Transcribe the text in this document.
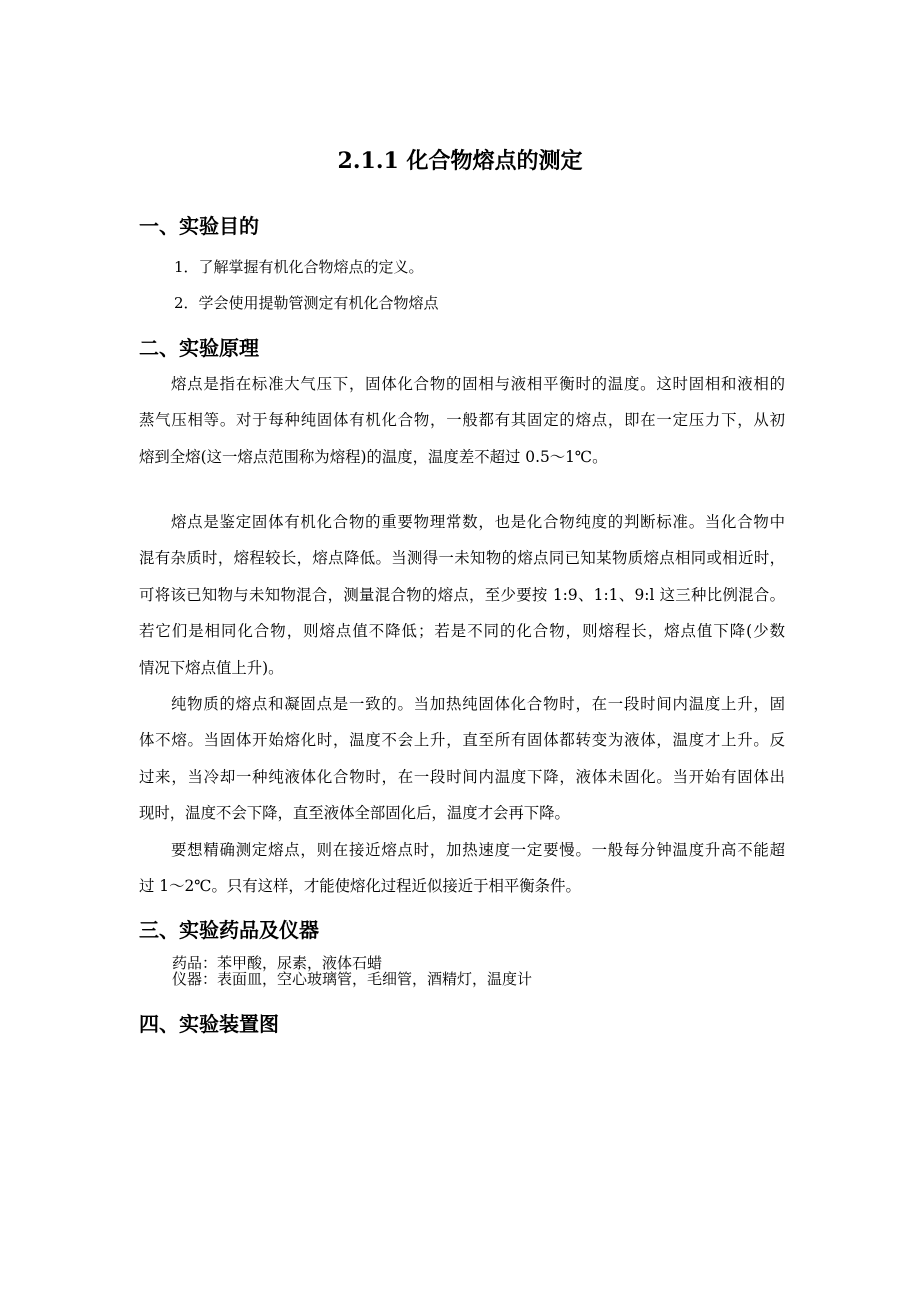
2.1.1 化合物熔点的测定
一、实验目的
1．了解掌握有机化合物熔点的定义。
2．学会使用提勒管测定有机化合物熔点
二、实验原理
熔点是指在标准大气压下，固体化合物的固相与液相平衡时的温度。这时固相和液相的
蒸气压相等。对于每种纯固体有机化合物，一般都有其固定的熔点，即在一定压力下，从初
熔到全熔(这一熔点范围称为熔程)的温度，温度差不超过 0.5～1℃。
熔点是鉴定固体有机化合物的重要物理常数，也是化合物纯度的判断标准。当化合物中
混有杂质时，熔程较长，熔点降低。当测得一未知物的熔点同已知某物质熔点相同或相近时，
可将该已知物与未知物混合，测量混合物的熔点，至少要按 1:9、1:1、9:l 这三种比例混合。
若它们是相同化合物，则熔点值不降低；若是不同的化合物，则熔程长，熔点值下降(少数
情况下熔点值上升)。
纯物质的熔点和凝固点是一致的。当加热纯固体化合物时，在一段时间内温度上升，固
体不熔。当固体开始熔化时，温度不会上升，直至所有固体都转变为液体，温度才上升。反
过来，当冷却一种纯液体化合物时，在一段时间内温度下降，液体未固化。当开始有固体出
现时，温度不会下降，直至液体全部固化后，温度才会再下降。
要想精确测定熔点，则在接近熔点时，加热速度一定要慢。一般每分钟温度升高不能超
过 1～2℃。只有这样，才能使熔化过程近似接近于相平衡条件。
三、实验药品及仪器
药品：苯甲酸，尿素，液体石蜡
仪器：表面皿，空心玻璃管，毛细管，酒精灯，温度计
四、实验装置图
